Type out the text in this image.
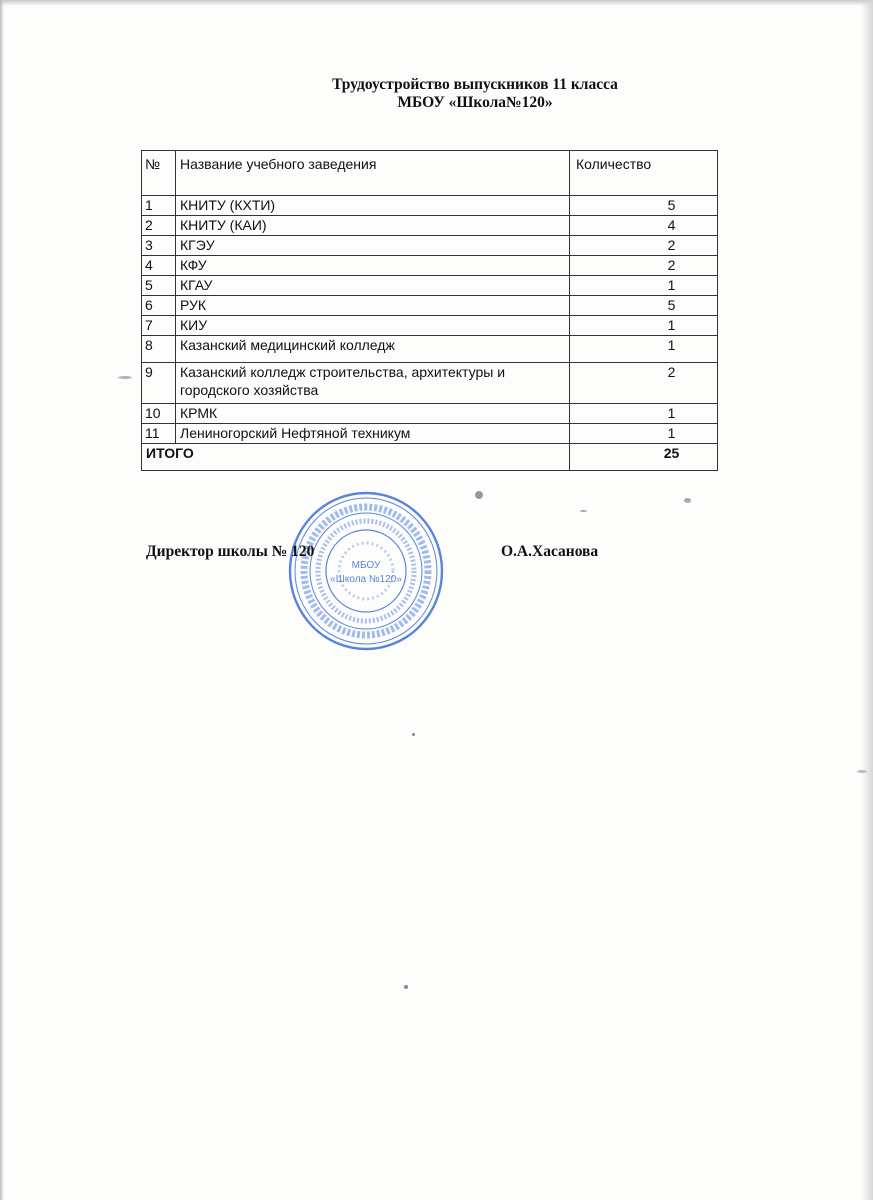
Трудоустройство выпускников 11 класса
МБОУ «Школа№120»
№	Название учебного заведения	Количество
1	КНИТУ (КХТИ)	5
2	КНИТУ (КАИ)	4
3	КГЭУ	2
4	КФУ	2
5	КГАУ	1
6	РУК	5
7	КИУ	1
8	Казанский медицинский колледж	1
9	Казанский колледж строительства, архитектуры и городского хозяйства	2
10	КРМК	1
11	Лениногорский Нефтяной техникум	1
ИТОГО		25
МБОУ
«Школа №120»
Директор школы № 120	О.А.Хасанова
